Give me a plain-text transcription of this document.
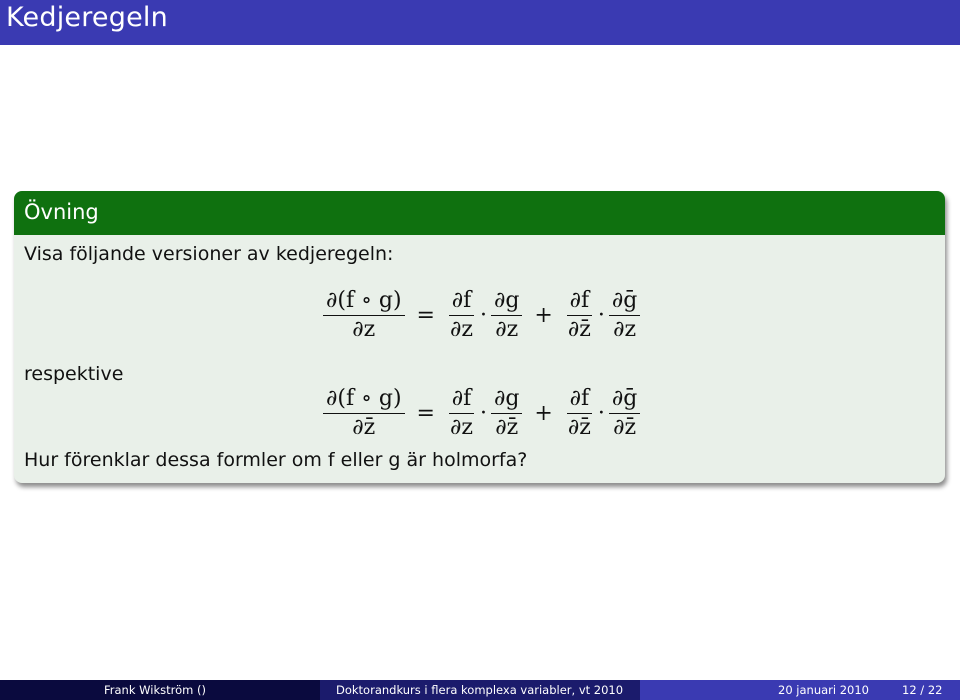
Kedjeregeln
Övning
Visa följande versioner av kedjeregeln:
$\frac{\partial(f \circ g)}{\partial z} = \frac{\partial f}{\partial z} \cdot \frac{\partial g}{\partial z} + \frac{\partial f}{\partial z̄} \cdot \frac{\text{∂ḡ}}{\partial z}$
respektive
$\frac{\partial(f \circ g)}{\partial z̄} = \frac{\partial f}{\partial z} \cdot \frac{\partial g}{\partial z̄} + \frac{\partial f}{\partial z̄} \cdot \frac{\text{∂ḡ}}{\partial z̄}$
Hur förenklar dessa formler om f eller g är holmorfa?
Frank Wikström ()	Doktorandkurs i flera komplexa variabler, vt 2010	20 januari 2010	12 / 22
